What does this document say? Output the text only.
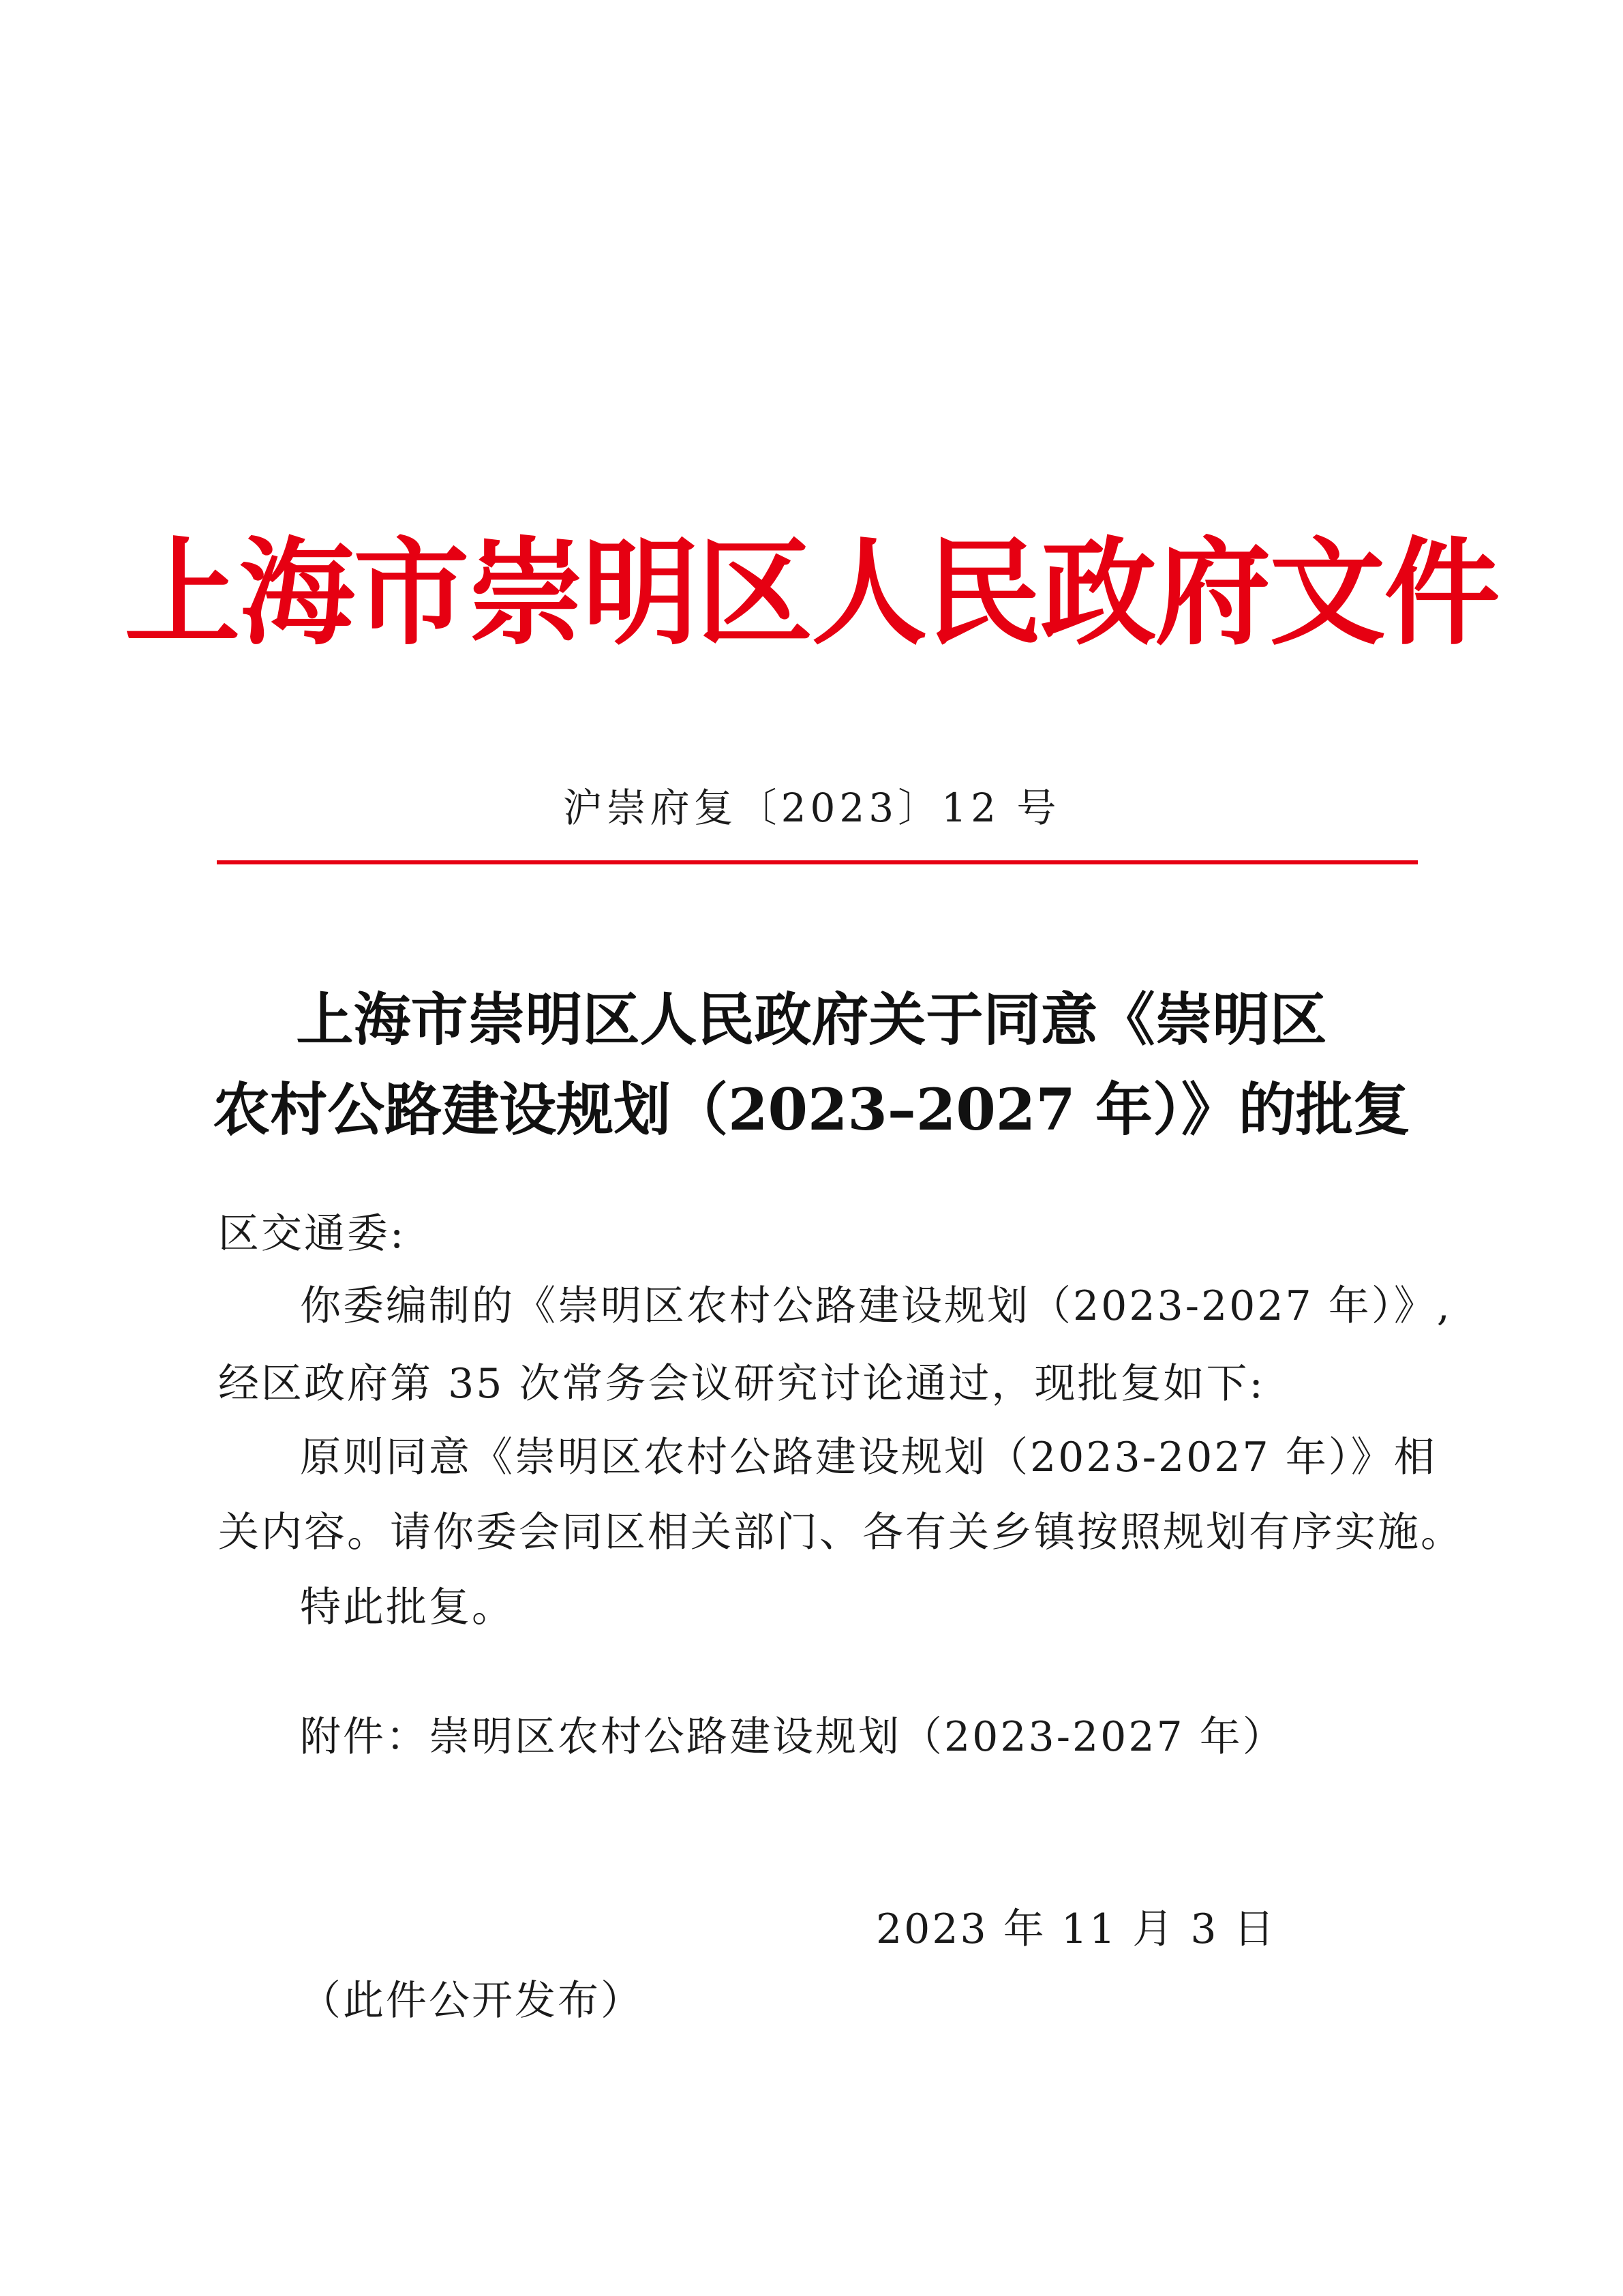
上海市崇明区人民政府文件
沪崇府复〔2023〕12 号
上海市崇明区人民政府关于同意《崇明区
农村公路建设规划（2023–2027 年）》的批复
区交通委:
你委编制的《崇明区农村公路建设规划（2023-2027 年）》,
经区政府第 35 次常务会议研究讨论通过，现批复如下:
原则同意《崇明区农村公路建设规划（2023-2027 年）》相
关内容。请你委会同区相关部门、各有关乡镇按照规划有序实施。
特此批复。
附件：崇明区农村公路建设规划（2023-2027 年）
2023 年 11 月 3 日
（此件公开发布）
